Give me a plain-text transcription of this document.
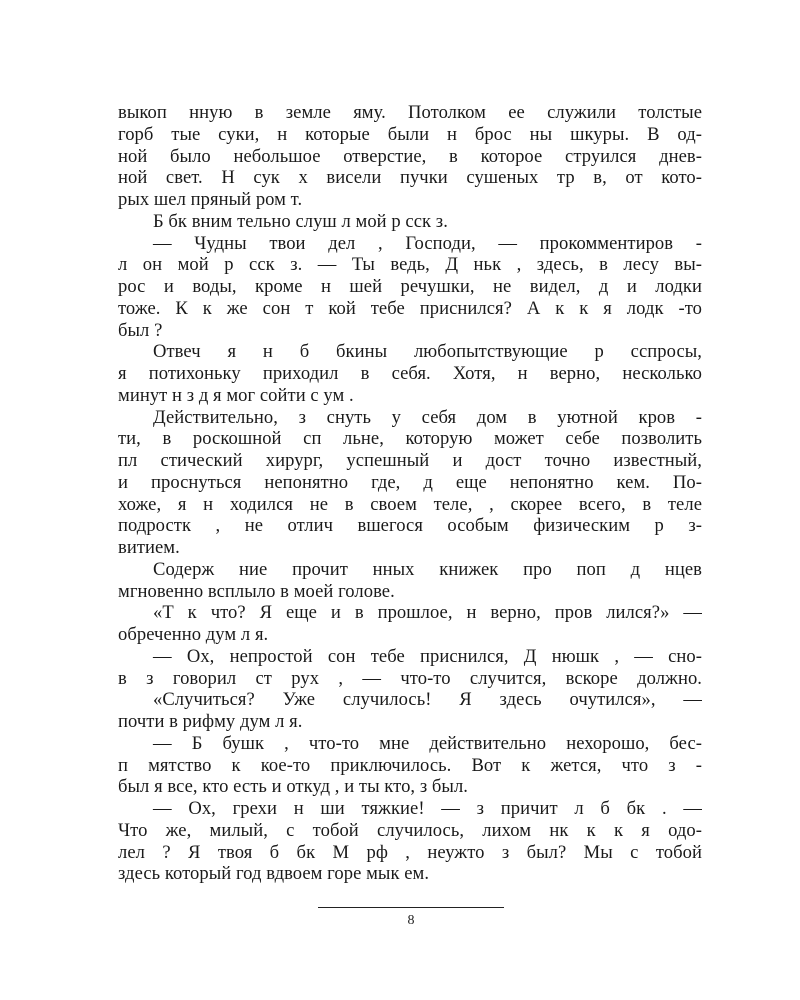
выкоп нную в земле яму. Потолком ее служили толстые
горб тые суки, н которые были н брос ны шкуры. В од-
ной было небольшое отверстие, в которое струился днев-
ной свет. Н сук х висели пучки сушеных тр в, от кото-
рых шел пряный ром т.
Б бк вним тельно слуш л мой р сск з.
— Чудны твои дел , Господи, — прокомментиров -
л он мой р сск з. — Ты ведь, Д ньк , здесь, в лесу вы-
рос и воды, кроме н шей речушки, не видел, д и лодки
тоже. К к же сон т кой тебе приснился? А к к я лодк -то
был ?
Отвеч я н б бкины любопытствующие р сспросы,
я потихоньку приходил в себя. Хотя, н верно, несколько
минут н з д я мог сойти с ум .
Действительно, з снуть у себя дом в уютной кров -
ти, в роскошной сп льне, которую может себе позволить
пл стический хирург, успешный и дост точно известный,
и проснуться непонятно где, д еще непонятно кем. По-
хоже, я н ходился не в своем теле, , скорее всего, в теле
подростк , не отлич вшегося особым физическим р з-
витием.
Содерж ние прочит нных книжек про поп д нцев
мгновенно всплыло в моей голове.
«Т к что? Я еще и в прошлое, н верно, пров лился?» —
обреченно дум л я.
— Ох, непростой сон тебе приснился, Д нюшк , — сно-
в з говорил ст рух , — что-то случится, вскоре должно.
«Случиться? Уже случилось! Я здесь очутился», —
почти в рифму дум л я.
— Б бушк , что-то мне действительно нехорошо, бес-
п мятство к кое-то приключилось. Вот к жется, что з -
был я все, кто есть и откуд , и ты кто, з был.
— Ох, грехи н ши тяжкие! — з причит л б бк . —
Что же, милый, с тобой случилось, лихом нк к к я одо-
лел ? Я твоя б бк М рф , неужто з был? Мы с тобой
здесь который год вдвоем горе мык ем.
8
